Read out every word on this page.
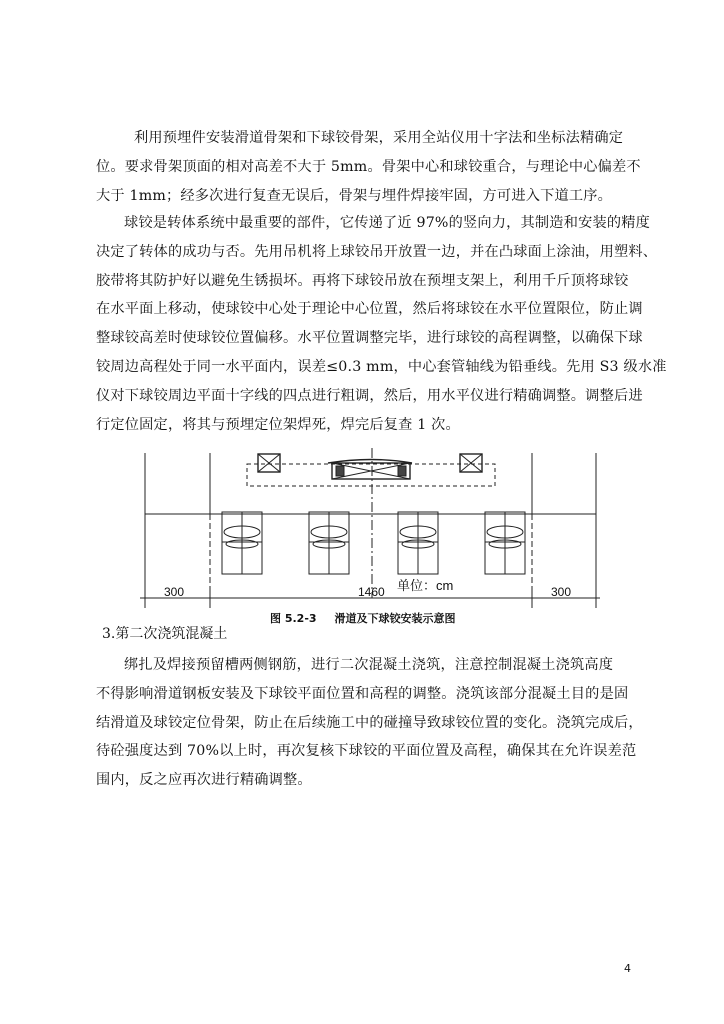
利用预埋件安装滑道骨架和下球铰骨架，采用全站仪用十字法和坐标法精确定
位。要求骨架顶面的相对高差不大于 5mm。骨架中心和球铰重合，与理论中心偏差不
大于 1mm；经多次进行复查无误后，骨架与埋件焊接牢固，方可进入下道工序。
球铰是转体系统中最重要的部件，它传递了近 97%的竖向力，其制造和安装的精度
决定了转体的成功与否。先用吊机将上球铰吊开放置一边，并在凸球面上涂油，用塑料、
胶带将其防护好以避免生锈损坏。再将下球铰吊放在预埋支架上，利用千斤顶将球铰
在水平面上移动，使球铰中心处于理论中心位置，然后将球铰在水平位置限位，防止调
整球铰高差时使球铰位置偏移。水平位置调整完毕，进行球铰的高程调整，以确保下球
铰周边高程处于同一水平面内，误差≤0.3 mm，中心套管轴线为铅垂线。先用 S3 级水准
仪对下球铰周边平面十字线的四点进行粗调，然后，用水平仪进行精确调整。调整后进
行定位固定，将其与预埋定位架焊死，焊完后复查 1 次。
单位：cm
300	1460	300
图 5.2-3 滑道及下球铰安装示意图
3.第二次浇筑混凝土
绑扎及焊接预留槽两侧钢筋，进行二次混凝土浇筑，注意控制混凝土浇筑高度
不得影响滑道钢板安装及下球铰平面位置和高程的调整。浇筑该部分混凝土目的是固
结滑道及球铰定位骨架，防止在后续施工中的碰撞导致球铰位置的变化。浇筑完成后，
待砼强度达到 70%以上时，再次复核下球铰的平面位置及高程，确保其在允许误差范
围内，反之应再次进行精确调整。
4
